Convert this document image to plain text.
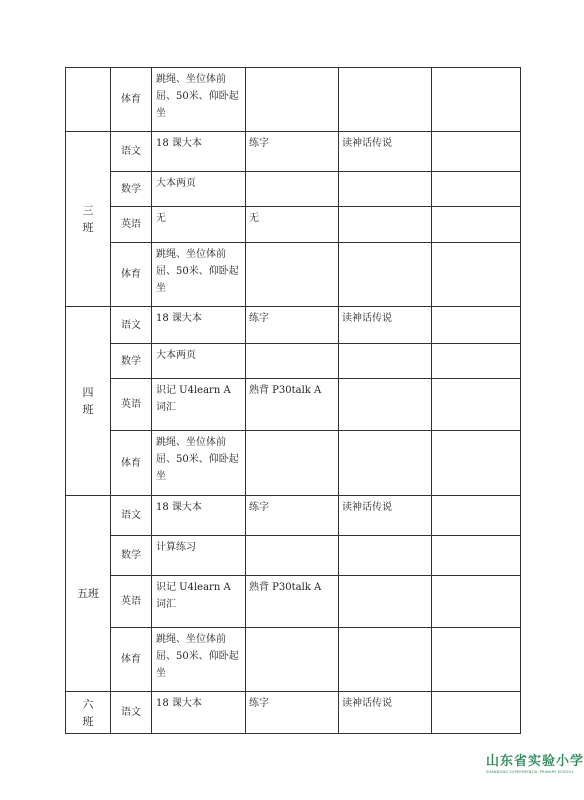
	体育	跳绳、坐位体前屈、50米、仰卧起坐			
三
班	语文	18 课大本	练字	读神话传说	
	数学	大本两页			
	英语	无	无		
	体育	跳绳、坐位体前屈、50米、仰卧起坐			
四
班	语文	18 课大本	练字	读神话传说	
	数学	大本两页			
	英语	识记 U4learn A 词汇	熟背 P30talk A		
	体育	跳绳、坐位体前屈、50米、仰卧起坐			
五班	语文	18 课大本	练字	读神话传说	
	数学	计算练习			
	英语	识记 U4learn A 词汇	熟背 P30talk A		
	体育	跳绳、坐位体前屈、50米、仰卧起坐			
六
班	语文	18 课大本	练字	读神话传说	
山东省实验小学
SHANDONG EXPERIMENTAL PRIMARY SCHOOL
